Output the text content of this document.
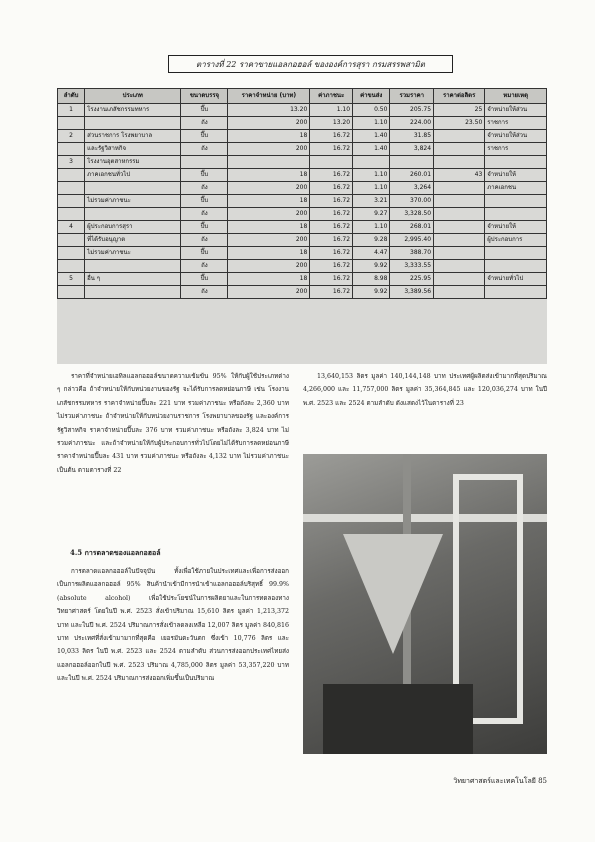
ตารางที่ 22 ราคาขายแอลกอฮอล์ ขององค์การสุรา กรมสรรพสามิต
ลำดับ	ประเภท	ขนาดบรรจุ	ราคาจำหน่าย (บาท)	ค่าภาชนะ	ค่าขนส่ง	รวมราคา	ราคาต่อลิตร	หมายเหตุ
1	โรงงานเภสัชกรรมทหาร	ปี๊บ	13.20	1.10	0.50	205.75	25	จำหน่ายให้ส่วน
		ถัง	200	13.20	1.10	224.00	23.50	ราชการ
2	ส่วนราชการ โรงพยาบาล	ปี๊บ	18	16.72	1.40	31.85		จำหน่ายให้ส่วน
	และรัฐวิสาหกิจ	ถัง	200	16.72	1.40	3,824		ราชการ
3	โรงงานอุตสาหกรรม							
	ภาคเอกชนทั่วไป	ปี๊บ	18	16.72	1.10	260.01	43	จำหน่ายให้
		ถัง	200	16.72	1.10	3,264		ภาคเอกชน
	ไม่รวมค่าภาชนะ	ปี๊บ	18	16.72	3.21	370.00		
		ถัง	200	16.72	9.27	3,328.50		
4	ผู้ประกอบการสุรา	ปี๊บ	18	16.72	1.10	268.01		จำหน่ายให้
	ที่ได้รับอนุญาต	ถัง	200	16.72	9.28	2,995.40		ผู้ประกอบการ
	ไม่รวมค่าภาชนะ	ปี๊บ	18	16.72	4.47	388.70		
		ถัง	200	16.72	9.92	3,333.55		
5	อื่น ๆ	ปี๊บ	18	16.72	8.98	225.95		จำหน่ายทั่วไป
		ถัง	200	16.72	9.92	3,389.56		

ราคาที่จำหน่ายเอทิลแอลกอฮอล์ขนาดความเข้มข้น 95% ให้กับผู้ใช้ประเภทต่าง ๆ กล่าวคือ ถ้าจำหน่ายให้กับหน่วยงานของรัฐ จะได้รับการลดหย่อนภาษี เช่น โรงงานเภสัชกรรมทหาร ราคาจำหน่ายปี๊บละ 221 บาท รวมค่าภาชนะ หรือถังละ 2,360 บาท ไม่รวมค่าภาชนะ ถ้าจำหน่ายให้กับหน่วยงานราชการ โรงพยาบาลของรัฐ และองค์การรัฐวิสาหกิจ ราคาจำหน่ายปี๊บละ 376 บาท รวมค่าภาชนะ หรือถังละ 3,824 บาท ไม่รวมค่าภาชนะ และถ้าจำหน่ายให้กับผู้ประกอบการทั่วไปโดยไม่ได้รับการลดหย่อนภาษี ราคาจำหน่ายปี๊บละ 431 บาท รวมค่าภาชนะ หรือถังละ 4,132 บาท ไม่รวมค่าภาชนะ เป็นต้น ตามตารางที่ 22

13,640,153 ลิตร มูลค่า 140,144,148 บาท ประเทศผู้ผลิตส่งเข้ามากที่สุดปริมาณ 4,266,000 และ 11,757,000 ลิตร มูลค่า 35,364,845 และ 120,036,274 บาท ในปี พ.ศ. 2523 และ 2524 ตามลำดับ ดังแสดงไว้ในตารางที่ 23

4.5 การตลาดของแอลกอฮอล์

การตลาดแอลกอฮอล์ในปัจจุบัน ทั้งเพื่อใช้ภายในประเทศและเพื่อการส่งออก เป็นการผลิตแอลกอฮอล์ 95% สินค้านำเข้ามีการนำเข้าแอลกอฮอล์บริสุทธิ์ 99.9% (absolute alcohol) เพื่อใช้ประโยชน์ในการผลิตยาและในการทดลองทางวิทยาศาสตร์ โดยในปี พ.ศ. 2523 สั่งเข้าปริมาณ 15,610 ลิตร มูลค่า 1,213,372 บาท และในปี พ.ศ. 2524 ปริมาณการสั่งเข้าลดลงเหลือ 12,007 ลิตร มูลค่า 840,816 บาท ประเทศที่สั่งเข้ามามากที่สุดคือ เยอรมันตะวันตก ซึ่งเข้า 10,776 ลิตร และ 10,033 ลิตร ในปี พ.ศ. 2523 และ 2524 ตามลำดับ ส่วนการส่งออกประเทศไทยส่งแอลกอฮอล์ออกในปี พ.ศ. 2523 ปริมาณ 4,785,000 ลิตร มูลค่า 53,357,220 บาท และในปี พ.ศ. 2524 ปริมาณการส่งออกเพิ่มขึ้นเป็นปริมาณ

วิทยาศาสตร์และเทคโนโลยี 85
